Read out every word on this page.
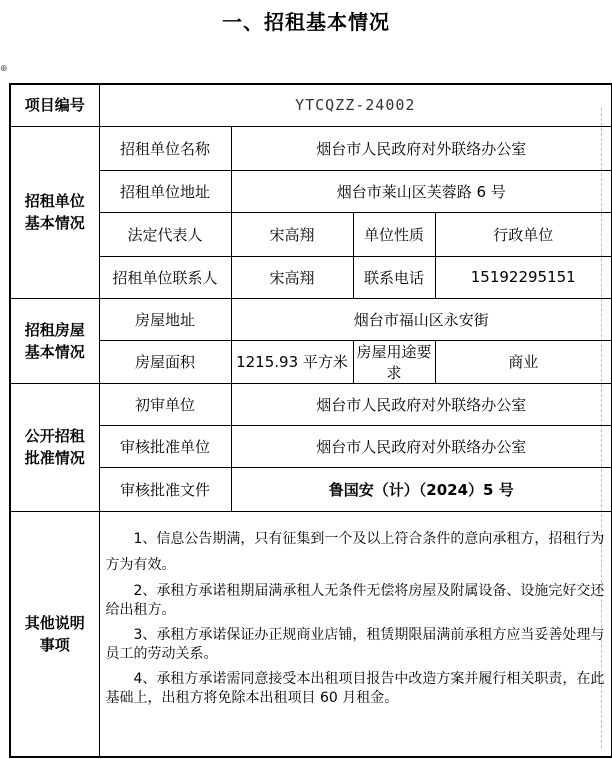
一、招租基本情况
⊕
项目编号	YTCQZZ-24002			
招租单位基本情况	招租单位名称	烟台市人民政府对外联络办公室		
	招租单位地址	烟台市莱山区芙蓉路 6 号		
	法定代表人	宋高翔	单位性质	行政单位
	招租单位联系人	宋高翔	联系电话	15192295151
招租房屋基本情况	房屋地址	烟台市福山区永安街		
	房屋面积	1215.93 平方米	房屋用途要求	商业
公开招租批准情况	初审单位	烟台市人民政府对外联络办公室		
	审核批准单位	烟台市人民政府对外联络办公室		
	审核批准文件	鲁国安（计）（2024）5 号		
其他说明事项	1、信息公告期满，只有征集到一个及以上符合条件的意向承租方，招租行为方为有效。

2、承租方承诺租期届满承租人无条件无偿将房屋及附属设备、设施完好交还给出租方。

3、承租方承诺保证办正规商业店铺，租赁期限届满前承租方应当妥善处理与员工的劳动关系。

4、承租方承诺需同意接受本出租项目报告中改造方案并履行相关职责，在此基础上，出租方将免除本出租项目 60 月租金。			
